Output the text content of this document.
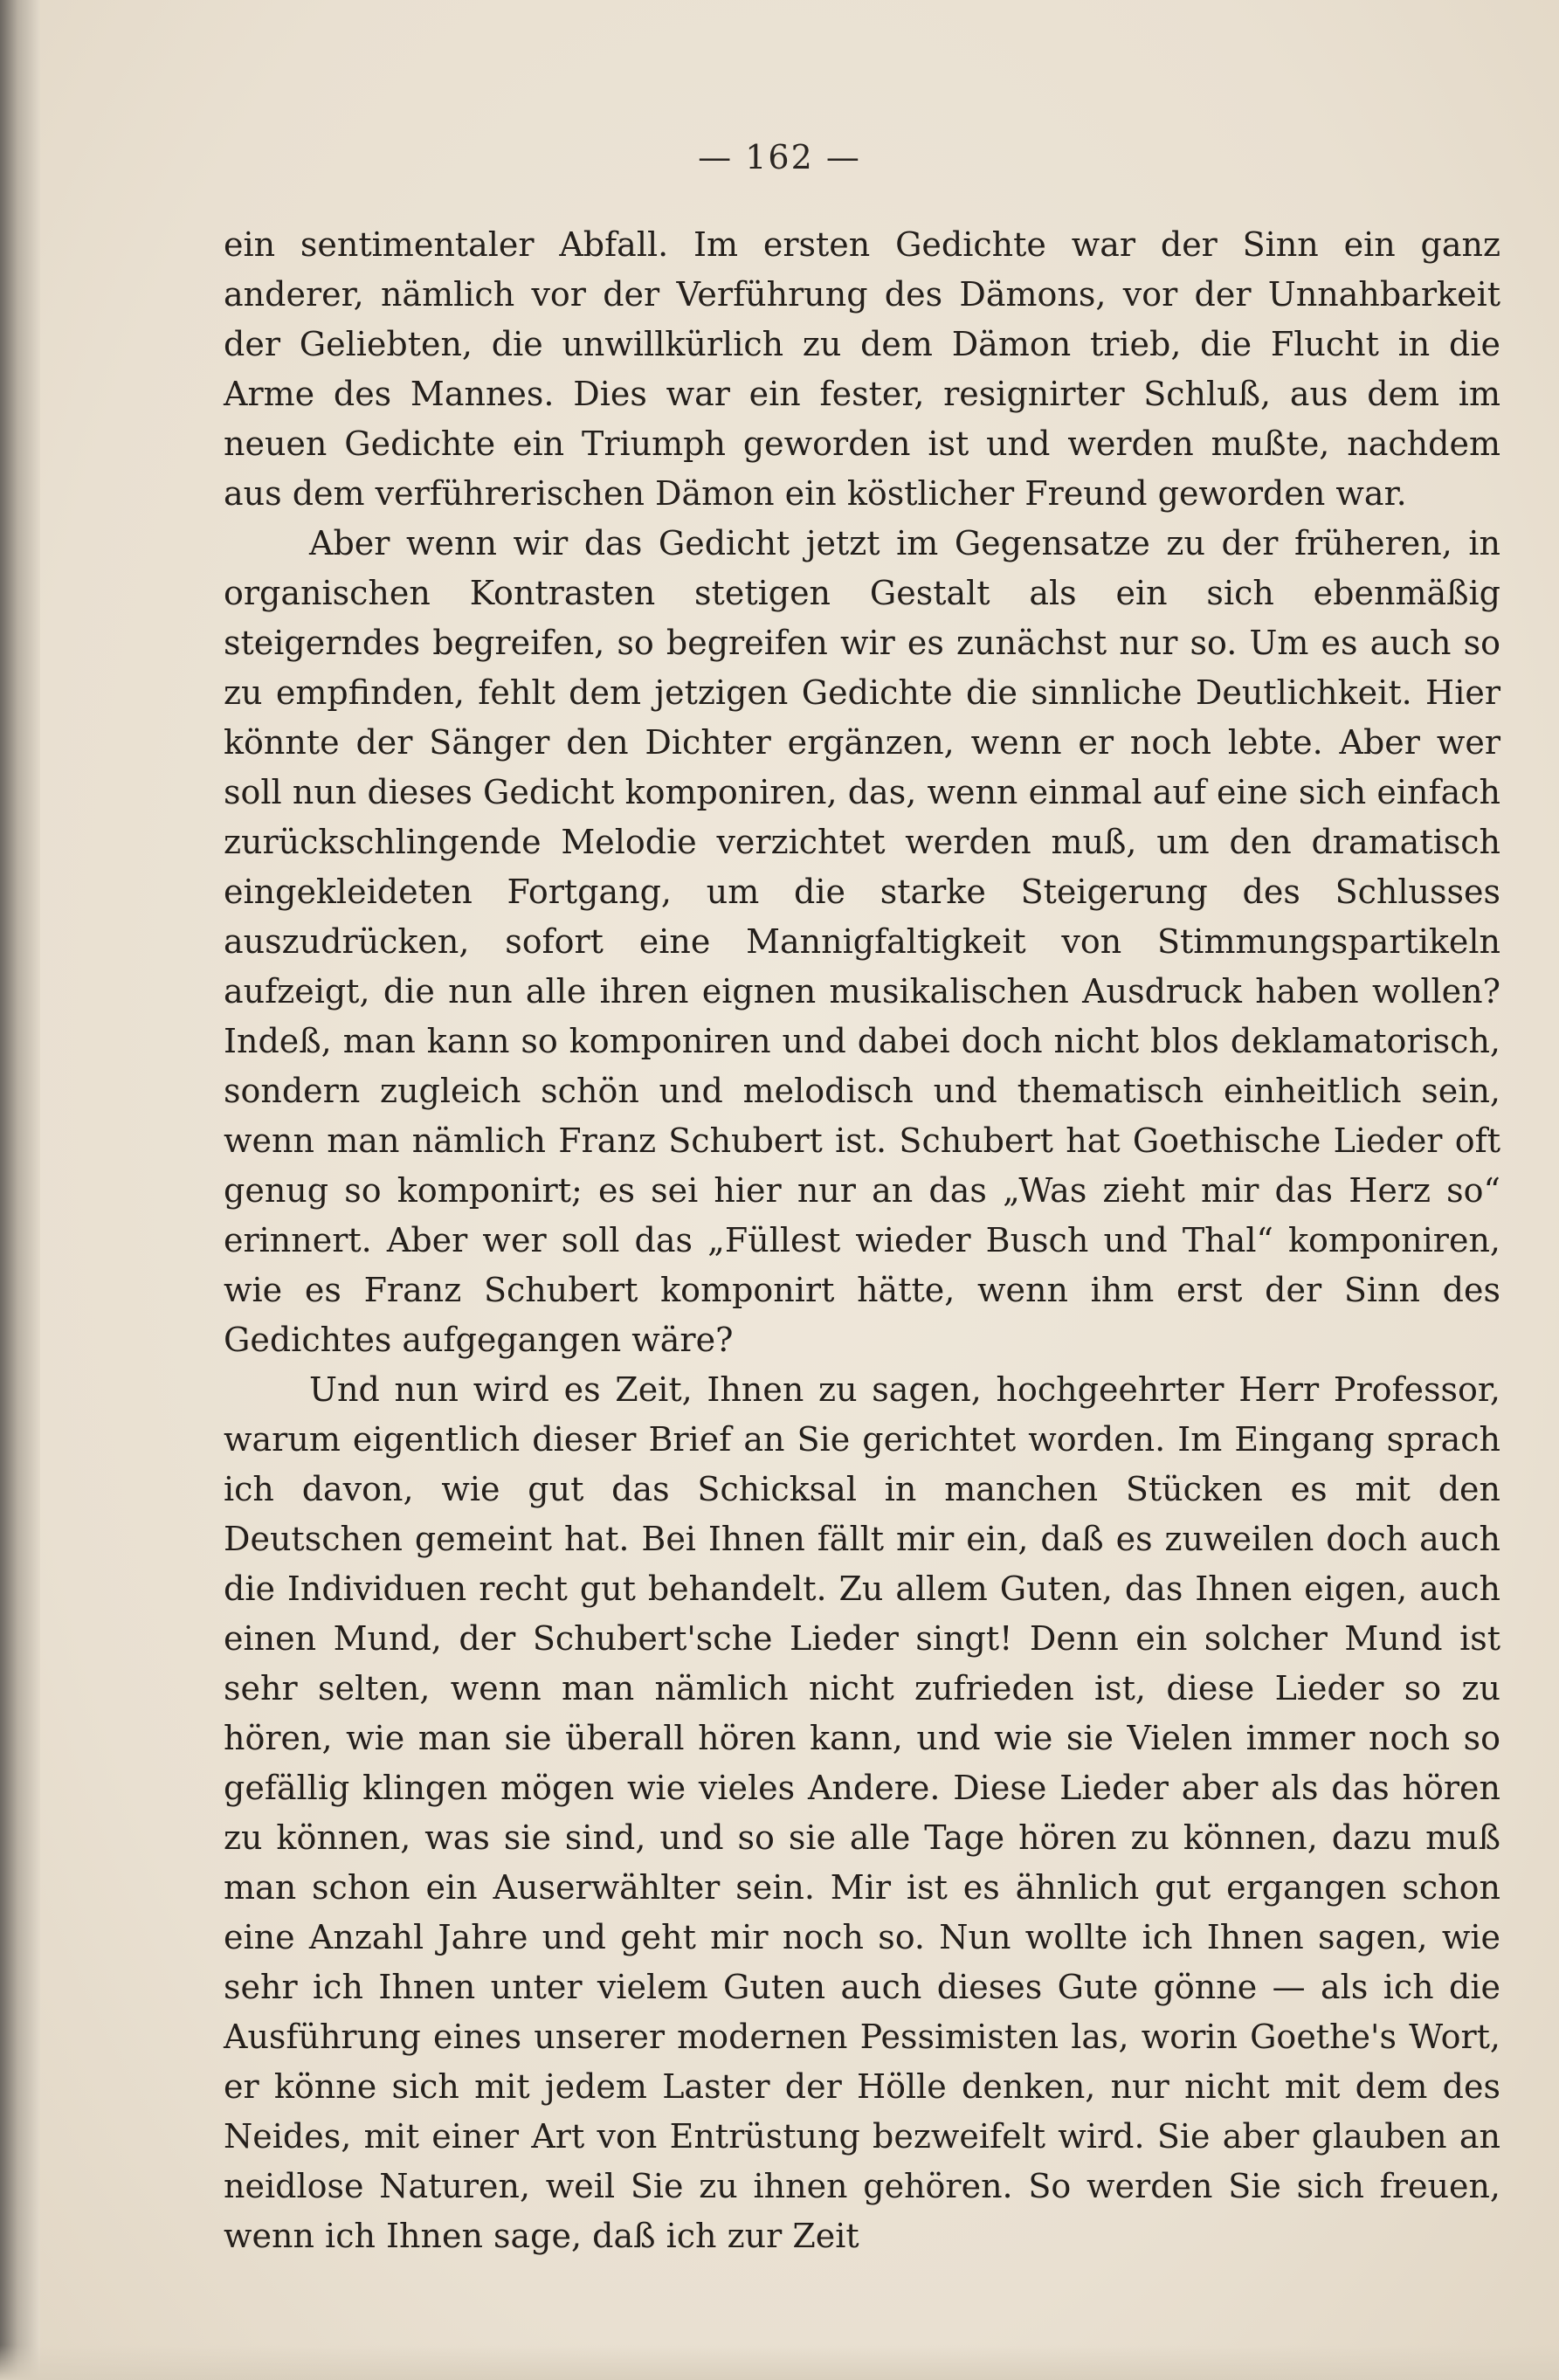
— 162 —

ein sentimentaler Abfall. Im ersten Gedichte war der Sinn ein ganz anderer, nämlich vor der Verführung des Dämons, vor der Unnahbarkeit der Geliebten, die unwillkürlich zu dem Dämon trieb, die Flucht in die Arme des Mannes. Dies war ein fester, resignirter Schluß, aus dem im neuen Gedichte ein Triumph geworden ist und werden mußte, nachdem aus dem verführerischen Dämon ein köstlicher Freund geworden war.

Aber wenn wir das Gedicht jetzt im Gegensatze zu der früheren, in organischen Kontrasten stetigen Gestalt als ein sich ebenmäßig steigerndes begreifen, so begreifen wir es zunächst nur so. Um es auch so zu empfinden, fehlt dem jetzigen Gedichte die sinnliche Deutlichkeit. Hier könnte der Sänger den Dichter ergänzen, wenn er noch lebte. Aber wer soll nun dieses Gedicht komponiren, das, wenn einmal auf eine sich einfach zurückschlingende Melodie verzichtet werden muß, um den dramatisch eingekleideten Fortgang, um die starke Steigerung des Schlusses auszudrücken, sofort eine Mannigfaltigkeit von Stimmungspartikeln aufzeigt, die nun alle ihren eignen musikalischen Ausdruck haben wollen? Indeß, man kann so komponiren und dabei doch nicht blos deklamatorisch, sondern zugleich schön und melodisch und thematisch einheitlich sein, wenn man nämlich Franz Schubert ist. Schubert hat Goethische Lieder oft genug so komponirt; es sei hier nur an das „Was zieht mir das Herz so“ erinnert. Aber wer soll das „Füllest wieder Busch und Thal“ komponiren, wie es Franz Schubert komponirt hätte, wenn ihm erst der Sinn des Gedichtes aufgegangen wäre?

Und nun wird es Zeit, Ihnen zu sagen, hochgeehrter Herr Professor, warum eigentlich dieser Brief an Sie gerichtet worden. Im Eingang sprach ich davon, wie gut das Schicksal in manchen Stücken es mit den Deutschen gemeint hat. Bei Ihnen fällt mir ein, daß es zuweilen doch auch die Individuen recht gut behandelt. Zu allem Guten, das Ihnen eigen, auch einen Mund, der Schubert'sche Lieder singt! Denn ein solcher Mund ist sehr selten, wenn man nämlich nicht zufrieden ist, diese Lieder so zu hören, wie man sie überall hören kann, und wie sie Vielen immer noch so gefällig klingen mögen wie vieles Andere. Diese Lieder aber als das hören zu können, was sie sind, und so sie alle Tage hören zu können, dazu muß man schon ein Auserwählter sein. Mir ist es ähnlich gut ergangen schon eine Anzahl Jahre und geht mir noch so. Nun wollte ich Ihnen sagen, wie sehr ich Ihnen unter vielem Guten auch dieses Gute gönne — als ich die Ausführung eines unserer modernen Pessimisten las, worin Goethe's Wort, er könne sich mit jedem Laster der Hölle denken, nur nicht mit dem des Neides, mit einer Art von Entrüstung bezweifelt wird. Sie aber glauben an neidlose Naturen, weil Sie zu ihnen gehören. So werden Sie sich freuen, wenn ich Ihnen sage, daß ich zur Zeit
